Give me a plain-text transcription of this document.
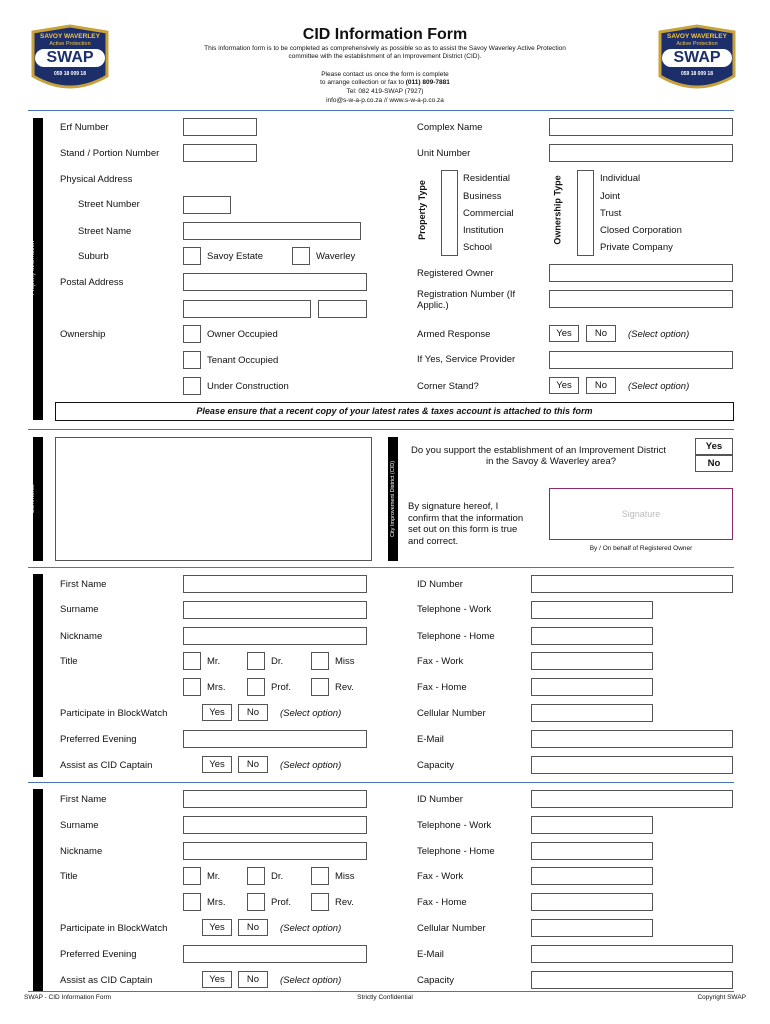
SAVOY WAVERLEY
Active Protection
SWAP
059 18 009 18
SAVOY WAVERLEY
Active Protection
SWAP
059 18 009 18
CID Information Form
This information form is to be completed as comprehensively as possible so as to assist the Savoy Waverley Active Protection
committee with the establishment of an Improvement District (CID).
Please contact us once the form is complete
to arrange collection or fax to (011) 809-7881
Tel: 082 419-SWAP (7927)
info@s-w-a-p.co.za // www.s-w-a-p.co.za
Property Information
Erf Number
Stand / Portion Number
Physical Address
Street Number
Street Name
Suburb	Savoy Estate	Waverley
Postal Address
Ownership	Owner Occupied
Tenant Occupied
Under Construction
Complex Name
Unit Number
Property Type
Residential
Business
Commercial
Institution
School
Ownership Type	Individual
Joint
Trust
Closed Corporation
Private Company
Registered Owner
Registration Number (If Applic.)
Armed Response	Yes	No	(Select option)
If Yes, Service Provider
Corner Stand?	Yes	No	(Select option)
Please ensure that a recent copy of your latest rates & taxes account is attached to this form
Comments	City Improvement District (CID)
Do you support the establishment of an Improvement District
in the Savoy & Waverley area?
Yes
No
By signature hereof, I
confirm that the information
set out on this form is true
and correct.
Signature
By / On behalf of Registered Owner
Information – Primary Contact
First Name
Surname
Nickname
Title	Mr.	Dr.	Miss
Mrs.	Prof.	Rev.
Participate in BlockWatch	Yes	No	(Select option)
Preferred Evening
Assist as CID Captain	Yes	No	(Select option)
ID Number
Telephone - Work
Telephone - Home
Fax - Work
Fax - Home
Cellular Number
E-Mail
Capacity
Information – Secondary Contact
First Name
Surname
Nickname
Title	Mr.	Dr.	Miss
Mrs.	Prof.	Rev.
Participate in BlockWatch	Yes	No	(Select option)
Preferred Evening
Assist as CID Captain	Yes	No	(Select option)
ID Number
Telephone - Work
Telephone - Home
Fax - Work
Fax - Home
Cellular Number
E-Mail
Capacity
SWAP - CID Information Form	Strictly Confidential	Copyright SWAP
